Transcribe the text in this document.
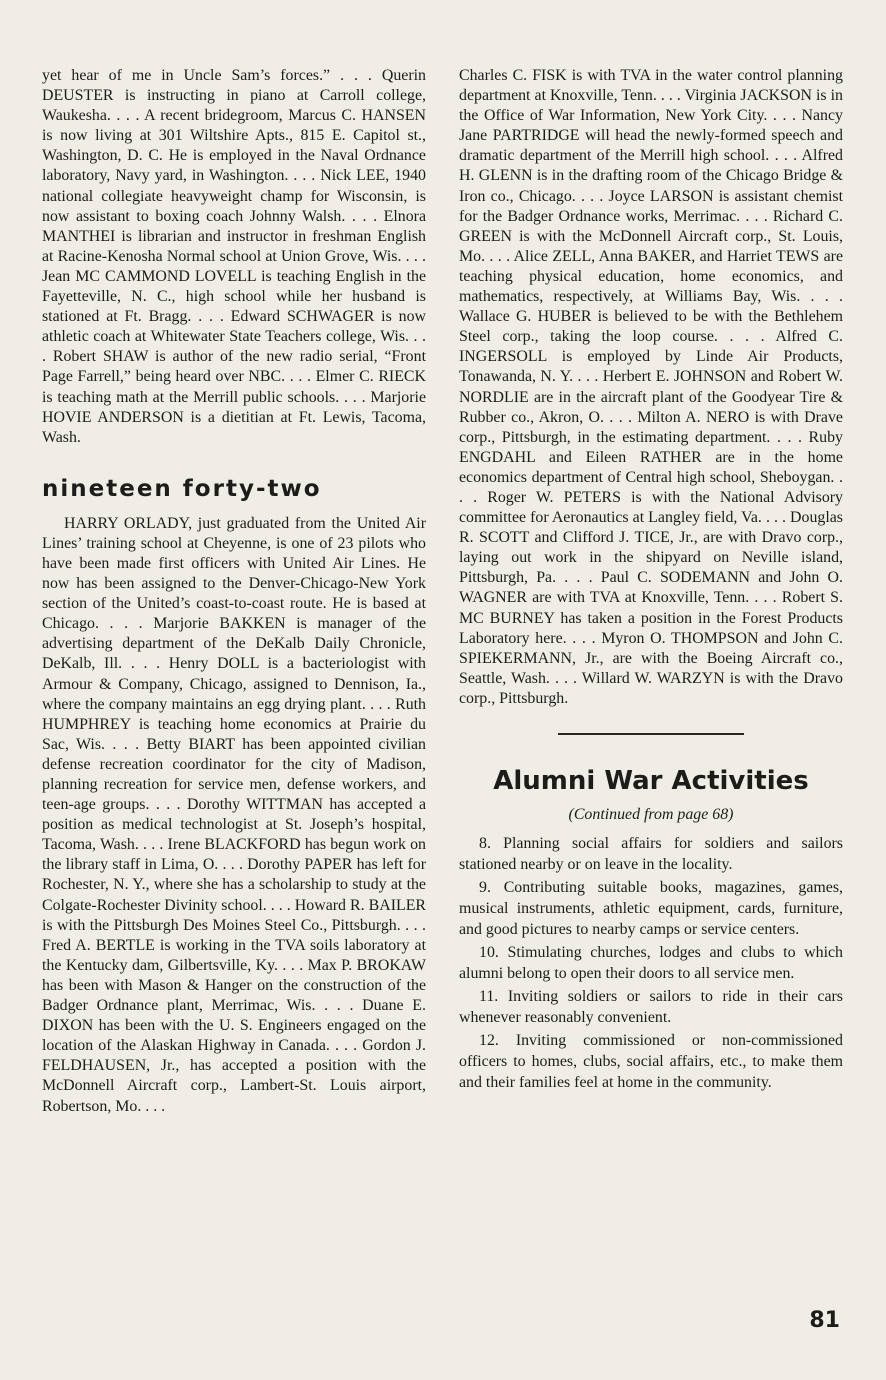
yet hear of me in Uncle Sam’s forces.” . . . Querin DEUSTER is instructing in piano at Carroll college, Waukesha. . . . A recent bridegroom, Marcus C. HANSEN is now living at 301 Wiltshire Apts., 815 E. Capitol st., Washington, D. C. He is employed in the Naval Ordnance laboratory, Navy yard, in Washington. . . . Nick LEE, 1940 national collegiate heavyweight champ for Wisconsin, is now assistant to boxing coach Johnny Walsh. . . . Elnora MANTHEI is librarian and instructor in freshman English at Racine-Kenosha Normal school at Union Grove, Wis. . . . Jean MC CAMMOND LOVELL is teaching English in the Fayetteville, N. C., high school while her husband is stationed at Ft. Bragg. . . . Edward SCHWAGER is now athletic coach at Whitewater State Teachers college, Wis. . . . Robert SHAW is author of the new radio serial, “Front Page Farrell,” being heard over NBC. . . . Elmer C. RIECK is teaching math at the Merrill public schools. . . . Marjorie HOVIE ANDERSON is a dietitian at Ft. Lewis, Tacoma, Wash.

nineteen forty-two

HARRY ORLADY, just graduated from the United Air Lines’ training school at Cheyenne, is one of 23 pilots who have been made first officers with United Air Lines. He now has been assigned to the Denver-Chicago-New York section of the United’s coast-to-coast route. He is based at Chicago. . . . Marjorie BAKKEN is manager of the advertising department of the DeKalb Daily Chronicle, DeKalb, Ill. . . . Henry DOLL is a bacteriologist with Armour & Company, Chicago, assigned to Dennison, Ia., where the company maintains an egg drying plant. . . . Ruth HUMPHREY is teaching home economics at Prairie du Sac, Wis. . . . Betty BIART has been appointed civilian defense recreation coordinator for the city of Madison, planning recreation for service men, defense workers, and teen-age groups. . . . Dorothy WITTMAN has accepted a position as medical technologist at St. Joseph’s hospital, Tacoma, Wash. . . . Irene BLACKFORD has begun work on the library staff in Lima, O. . . . Dorothy PAPER has left for Rochester, N. Y., where she has a scholarship to study at the Colgate-Rochester Divinity school. . . . Howard R. BAILER is with the Pittsburgh Des Moines Steel Co., Pittsburgh. . . . Fred A. BERTLE is working in the TVA soils laboratory at the Kentucky dam, Gilbertsville, Ky. . . . Max P. BROKAW has been with Mason & Hanger on the construction of the Badger Ordnance plant, Merrimac, Wis. . . . Duane E. DIXON has been with the U. S. Engineers engaged on the location of the Alaskan Highway in Canada. . . . Gordon J. FELDHAUSEN, Jr., has accepted a position with the McDonnell Aircraft corp., Lambert-St. Louis airport, Robertson, Mo. . . .

Charles C. FISK is with TVA in the water control planning department at Knoxville, Tenn. . . . Virginia JACKSON is in the Office of War Information, New York City. . . . Nancy Jane PARTRIDGE will head the newly-formed speech and dramatic department of the Merrill high school. . . . Alfred H. GLENN is in the drafting room of the Chicago Bridge & Iron co., Chicago. . . . Joyce LARSON is assistant chemist for the Badger Ordnance works, Merrimac. . . . Richard C. GREEN is with the McDonnell Aircraft corp., St. Louis, Mo. . . . Alice ZELL, Anna BAKER, and Harriet TEWS are teaching physical education, home economics, and mathematics, respectively, at Williams Bay, Wis. . . . Wallace G. HUBER is believed to be with the Bethlehem Steel corp., taking the loop course. . . . Alfred C. INGERSOLL is employed by Linde Air Products, Tonawanda, N. Y. . . . Herbert E. JOHNSON and Robert W. NORDLIE are in the aircraft plant of the Goodyear Tire & Rubber co., Akron, O. . . . Milton A. NERO is with Drave corp., Pittsburgh, in the estimating department. . . . Ruby ENGDAHL and Eileen RATHER are in the home economics department of Central high school, Sheboygan. . . . Roger W. PETERS is with the National Advisory committee for Aeronautics at Langley field, Va. . . . Douglas R. SCOTT and Clifford J. TICE, Jr., are with Dravo corp., laying out work in the shipyard on Neville island, Pittsburgh, Pa. . . . Paul C. SODEMANN and John O. WAGNER are with TVA at Knoxville, Tenn. . . . Robert S. MC BURNEY has taken a position in the Forest Products Laboratory here. . . . Myron O. THOMPSON and John C. SPIEKERMANN, Jr., are with the Boeing Aircraft co., Seattle, Wash. . . . Willard W. WARZYN is with the Dravo corp., Pittsburgh.

Alumni War Activities

(Continued from page 68)

8. Planning social affairs for soldiers and sailors stationed nearby or on leave in the locality.

9. Contributing suitable books, magazines, games, musical instruments, athletic equipment, cards, furniture, and good pictures to nearby camps or service centers.

10. Stimulating churches, lodges and clubs to which alumni belong to open their doors to all service men.

11. Inviting soldiers or sailors to ride in their cars whenever reasonably convenient.

12. Inviting commissioned or non-commissioned officers to homes, clubs, social affairs, etc., to make them and their families feel at home in the community.

81
